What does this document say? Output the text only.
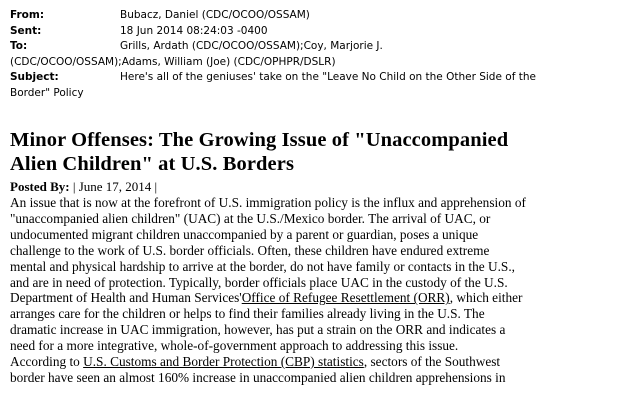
From:	Bubacz, Daniel (CDC/OCOO/OSSAM)
Sent:	18 Jun 2014 08:24:03 -0400
To:	Grills, Ardath (CDC/OCOO/OSSAM);Coy, Marjorie J.
(CDC/OCOO/OSSAM);Adams, William (Joe) (CDC/OPHPR/DSLR)
Subject:	Here's all of the geniuses' take on the "Leave No Child on the Other Side of the
Border" Policy
Minor Offenses: The Growing Issue of "Unaccompanied
Alien Children" at U.S. Borders
Posted By: | June 17, 2014 |
An issue that is now at the forefront of U.S. immigration policy is the influx and apprehension of
"unaccompanied alien children" (UAC) at the U.S./Mexico border. The arrival of UAC, or
undocumented migrant children unaccompanied by a parent or guardian, poses a unique
challenge to the work of U.S. border officials. Often, these children have endured extreme
mental and physical hardship to arrive at the border, do not have family or contacts in the U.S.,
and are in need of protection. Typically, border officials place UAC in the custody of the U.S.
Department of Health and Human Services'Office of Refugee Resettlement (ORR), which either
arranges care for the children or helps to find their families already living in the U.S. The
dramatic increase in UAC immigration, however, has put a strain on the ORR and indicates a
need for a more integrative, whole-of-government approach to addressing this issue.
According to U.S. Customs and Border Protection (CBP) statistics, sectors of the Southwest
border have seen an almost 160% increase in unaccompanied alien children apprehensions in
